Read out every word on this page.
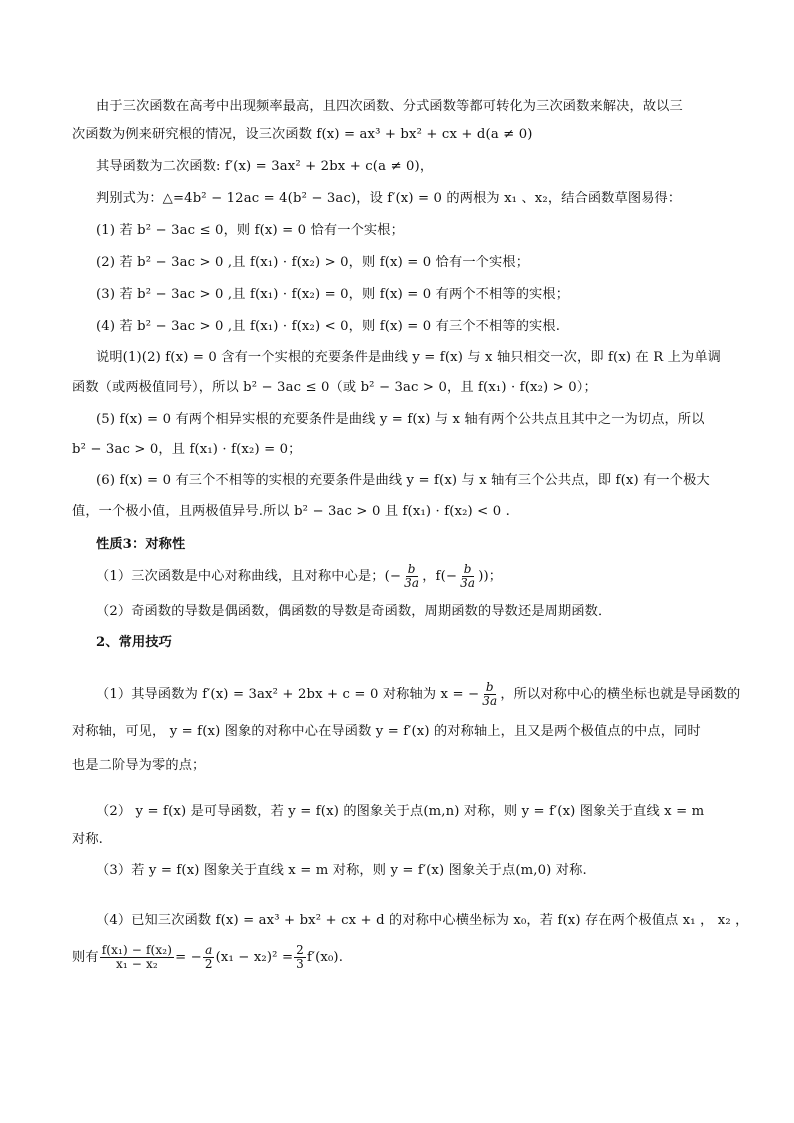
由于三次函数在高考中出现频率最高，且四次函数、分式函数等都可转化为三次函数来解决，故以三
次函数为例来研究根的情况，设三次函数 f(x) = ax³ + bx² + cx + d(a ≠ 0)
其导函数为二次函数: f′(x) = 3ax² + 2bx + c(a ≠ 0)，
判别式为：△=4b² − 12ac = 4(b² − 3ac)，设 f′(x) = 0 的两根为 x₁ 、x₂，结合函数草图易得：
(1) 若 b² − 3ac ≤ 0，则 f(x) = 0 恰有一个实根；
(2) 若 b² − 3ac > 0 ,且 f(x₁) · f(x₂) > 0，则 f(x) = 0 恰有一个实根；
(3) 若 b² − 3ac > 0 ,且 f(x₁) · f(x₂) = 0，则 f(x) = 0 有两个不相等的实根；
(4) 若 b² − 3ac > 0 ,且 f(x₁) · f(x₂) < 0，则 f(x) = 0 有三个不相等的实根.
说明(1)(2) f(x) = 0 含有一个实根的充要条件是曲线 y = f(x) 与 x 轴只相交一次，即 f(x) 在 R 上为单调
函数（或两极值同号），所以 b² − 3ac ≤ 0（或 b² − 3ac > 0，且 f(x₁) · f(x₂) > 0）；
(5) f(x) = 0 有两个相异实根的充要条件是曲线 y = f(x) 与 x 轴有两个公共点且其中之一为切点，所以
b² − 3ac > 0，且 f(x₁) · f(x₂) = 0；
(6) f(x) = 0 有三个不相等的实根的充要条件是曲线 y = f(x) 与 x 轴有三个公共点，即 f(x) 有一个极大
值，一个极小值，且两极值异号.所以 b² − 3ac > 0 且 f(x₁) · f(x₂) < 0 .
性质3：对称性
（1）三次函数是中心对称曲线，且对称中心是；(− $\frac{b}{3a}$ ，$f(- \frac{b}{3a}$ ))；
（2）奇函数的导数是偶函数，偶函数的导数是奇函数，周期函数的导数还是周期函数．
2、常用技巧
（1）其导函数为 f′(x) = 3ax² + 2bx + c = 0 对称轴为 x = − $\frac{b}{3a}$ ，所以对称中心的横坐标也就是导函数的
对称轴，可见， y = f(x) 图象的对称中心在导函数 y = f′(x) 的对称轴上，且又是两个极值点的中点，同时
也是二阶导为零的点；
（2） y = f(x) 是可导函数，若 y = f(x) 的图象关于点(m,n) 对称，则 y = f′(x) 图象关于直线 x = m
对称.
（3）若 y = f(x) 图象关于直线 x = m 对称，则 y = f′(x) 图象关于点(m,0) 对称.
（4）已知三次函数 f(x) = ax³ + bx² + cx + d 的对称中心横坐标为 x₀，若 f(x) 存在两个极值点 x₁ ， x₂ ，
则有 $\frac{\text{f(x₁) − f(x₂)}}{\text{x₁ − x₂}}$ = − $\frac{a}{2} (x_1 - x_2)^2 = \frac{2}{3} f'(x_0)$.
